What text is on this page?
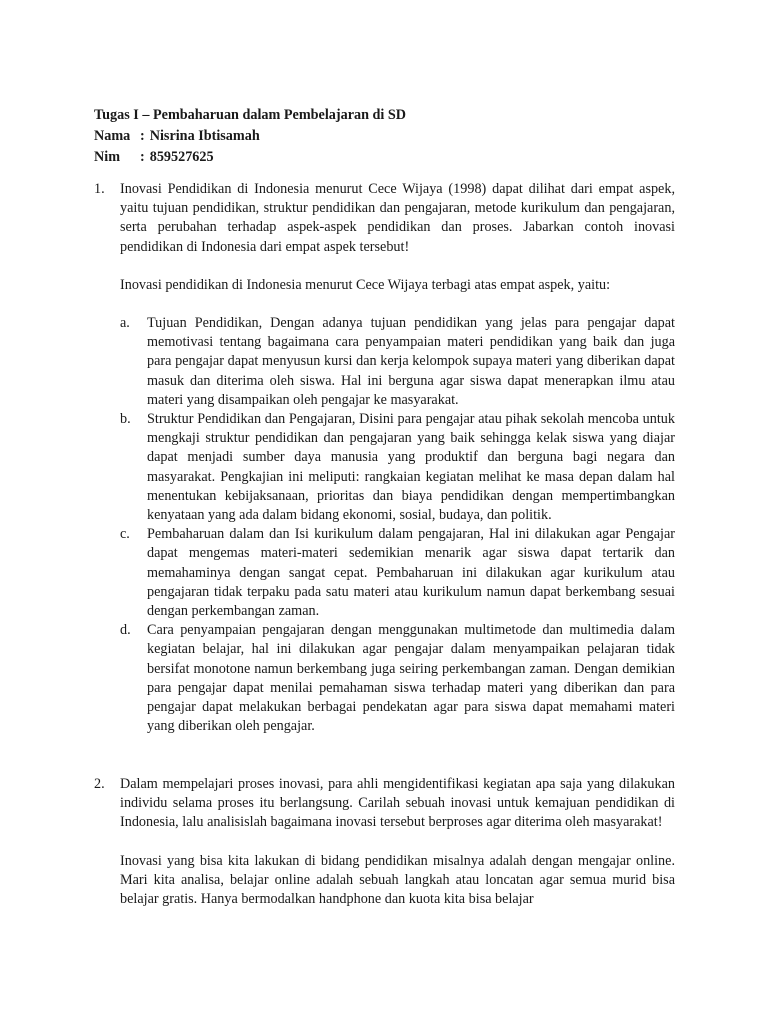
Tugas I – Pembaharuan dalam Pembelajaran di SD
Nama : Nisrina Ibtisamah
Nim	: 859527625
1. Inovasi Pendidikan di Indonesia menurut Cece Wijaya (1998) dapat dilihat dari empat aspek, yaitu tujuan pendidikan, struktur pendidikan dan pengajaran, metode kurikulum dan pengajaran, serta perubahan terhadap aspek-aspek pendidikan dan proses. Jabarkan contoh inovasi pendidikan di Indonesia dari empat aspek tersebut!

Inovasi pendidikan di Indonesia menurut Cece Wijaya terbagi atas empat aspek, yaitu:

a. Tujuan Pendidikan, Dengan adanya tujuan pendidikan yang jelas para pengajar dapat memotivasi tentang bagaimana cara penyampaian materi pendidikan yang baik dan juga para pengajar dapat menyusun kursi dan kerja kelompok supaya materi yang diberikan dapat masuk dan diterima oleh siswa. Hal ini berguna agar siswa dapat menerapkan ilmu atau materi yang disampaikan oleh pengajar ke masyarakat.

b. Struktur Pendidikan dan Pengajaran, Disini para pengajar atau pihak sekolah mencoba untuk mengkaji struktur pendidikan dan pengajaran yang baik sehingga kelak siswa yang diajar dapat menjadi sumber daya manusia yang produktif dan berguna bagi negara dan masyarakat. Pengkajian ini meliputi: rangkaian kegiatan melihat ke masa depan dalam hal menentukan kebijaksanaan, prioritas dan biaya pendidikan dengan mempertimbangkan kenyataan yang ada dalam bidang ekonomi, sosial, budaya, dan politik.

c. Pembaharuan dalam dan Isi kurikulum dalam pengajaran, Hal ini dilakukan agar Pengajar dapat mengemas materi-materi sedemikian menarik agar siswa dapat tertarik dan memahaminya dengan sangat cepat. Pembaharuan ini dilakukan agar kurikulum atau pengajaran tidak terpaku pada satu materi atau kurikulum namun dapat berkembang sesuai dengan perkembangan zaman.

d. Cara penyampaian pengajaran dengan menggunakan multimetode dan multimedia dalam kegiatan belajar, hal ini dilakukan agar pengajar dalam menyampaikan pelajaran tidak bersifat monotone namun berkembang juga seiring perkembangan zaman. Dengan demikian para pengajar dapat menilai pemahaman siswa terhadap materi yang diberikan dan para pengajar dapat melakukan berbagai pendekatan agar para siswa dapat memahami materi yang diberikan oleh pengajar.

2. Dalam mempelajari proses inovasi, para ahli mengidentifikasi kegiatan apa saja yang dilakukan individu selama proses itu berlangsung. Carilah sebuah inovasi untuk kemajuan pendidikan di Indonesia, lalu analisislah bagaimana inovasi tersebut berproses agar diterima oleh masyarakat!

Inovasi yang bisa kita lakukan di bidang pendidikan misalnya adalah dengan mengajar online. Mari kita analisa, belajar online adalah sebuah langkah atau loncatan agar semua murid bisa belajar gratis. Hanya bermodalkan handphone dan kuota kita bisa belajar
